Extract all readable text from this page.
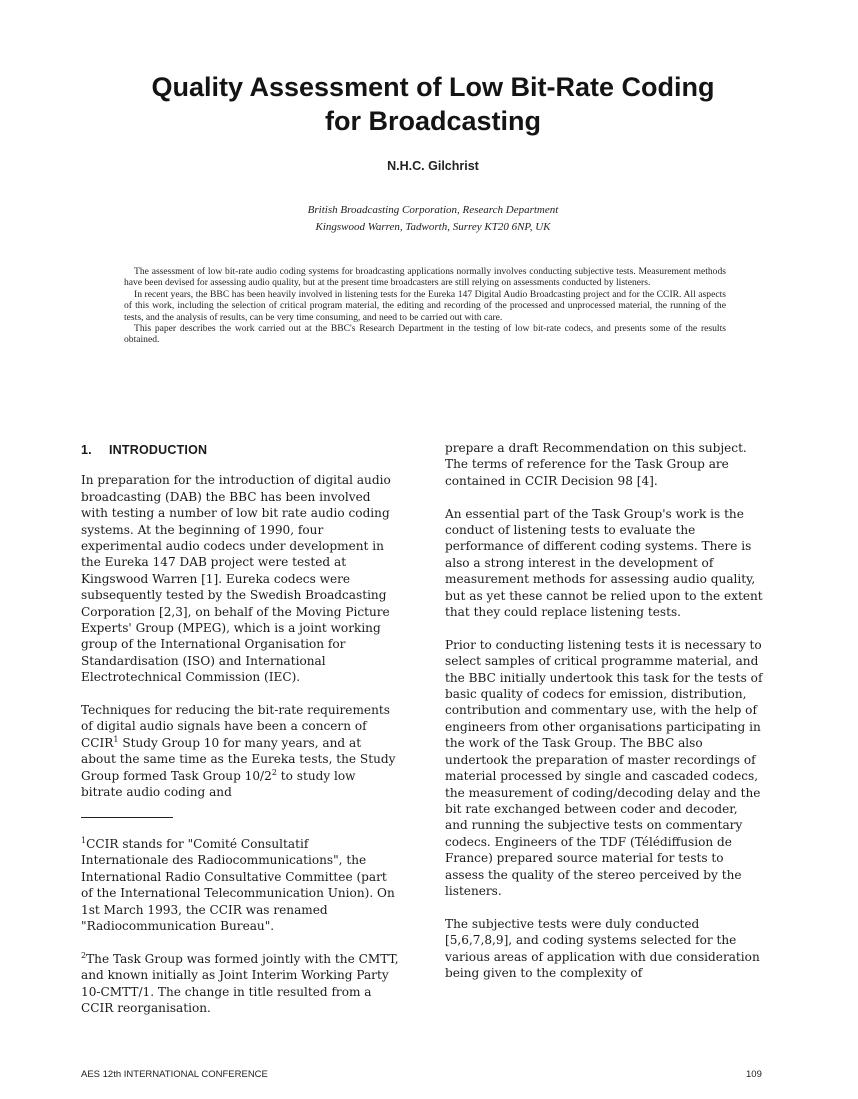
Quality Assessment of Low Bit-Rate Coding
for Broadcasting
N.H.C. Gilchrist
British Broadcasting Corporation, Research Department
Kingswood Warren, Tadworth, Surrey KT20 6NP, UK

The assessment of low bit-rate audio coding systems for broadcasting applications normally involves conducting subjective tests. Measurement methods have been devised for assessing audio quality, but at the present time broadcasters are still relying on assessments conducted by listeners.

In recent years, the BBC has been heavily involved in listening tests for the Eureka 147 Digital Audio Broadcasting project and for the CCIR. All aspects of this work, including the selection of critical program material, the editing and recording of the processed and unprocessed material, the running of the tests, and the analysis of results, can be very time consuming, and need to be carried out with care.

This paper describes the work carried out at the BBC's Research Department in the testing of low bit-rate codecs, and presents some of the results obtained.

1. INTRODUCTION

In preparation for the introduction of digital audio broadcasting (DAB) the BBC has been involved with testing a number of low bit rate audio coding systems. At the beginning of 1990, four experimental audio codecs under development in the Eureka 147 DAB project were tested at Kingswood Warren [1]. Eureka codecs were subsequently tested by the Swedish Broadcasting Corporation [2,3], on behalf of the Moving Picture Experts' Group (MPEG), which is a joint working group of the International Organisation for Standardisation (ISO) and International Electrotechnical Commission (IEC).

Techniques for reducing the bit-rate requirements of digital audio signals have been a concern of CCIR$^1$ Study Group 10 for many years, and at about the same time as the Eureka tests, the Study Group formed Task Group $10/2^2$ to study low bitrate audio coding and

$^1$CCIR stands for "Comité Consultatif Internationale des Radiocommunications", the International Radio Consultative Committee (part of the International Telecommunication Union). On 1st March 1993, the CCIR was renamed "Radiocommunication Bureau".

$^2$The Task Group was formed jointly with the CMTT, and known initially as Joint Interim Working Party 10-CMTT/1. The change in title resulted from a CCIR reorganisation.

prepare a draft Recommendation on this subject. The terms of reference for the Task Group are contained in CCIR Decision 98 [4].

An essential part of the Task Group's work is the conduct of listening tests to evaluate the performance of different coding systems. There is also a strong interest in the development of measurement methods for assessing audio quality, but as yet these cannot be relied upon to the extent that they could replace listening tests.

Prior to conducting listening tests it is necessary to select samples of critical programme material, and the BBC initially undertook this task for the tests of basic quality of codecs for emission, distribution, contribution and commentary use, with the help of engineers from other organisations participating in the work of the Task Group. The BBC also undertook the preparation of master recordings of material processed by single and cascaded codecs, the measurement of coding/decoding delay and the bit rate exchanged between coder and decoder, and running the subjective tests on commentary codecs. Engineers of the TDF (Télédiffusion de France) prepared source material for tests to assess the quality of the stereo perceived by the listeners.

The subjective tests were duly conducted [5,6,7,8,9], and coding systems selected for the various areas of application with due consideration being given to the complexity of

AES 12th INTERNATIONAL CONFERENCE	109
